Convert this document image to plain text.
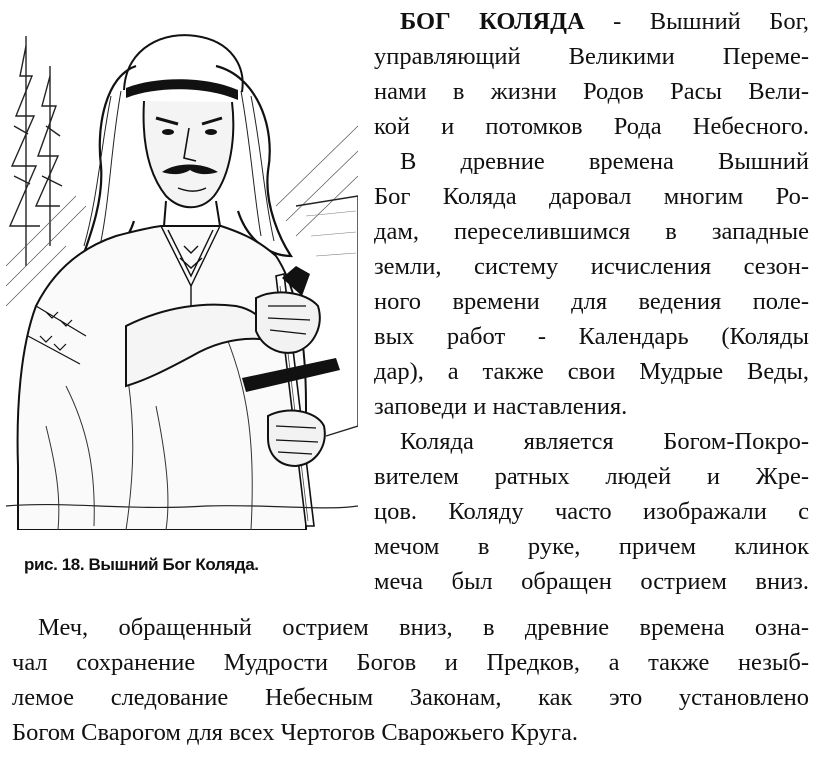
рис. 18. Вышний Бог Коляда.
БОГ КОЛЯДА - Вышний Бог,
управляющий Великими Переме-
нами в жизни Родов Расы Вели-
кой и потомков Рода Небесного.
В древние времена Вышний
Бог Коляда даровал многим Ро-
дам, переселившимся в западные
земли, систему исчисления сезон-
ного времени для ведения поле-
вых работ - Календарь (Коляды
дар), а также свои Мудрые Веды,
заповеди и наставления.
Коляда является Богом-Покро-
вителем ратных людей и Жре-
цов. Коляду часто изображали с
мечом в руке, причем клинок
меча был обращен острием вниз.
Меч, обращенный острием вниз, в древние времена озна-
чал сохранение Мудрости Богов и Предков, а также незыб-
лемое следование Небесным Законам, как это установлено
Богом Сварогом для всех Чертогов Сварожьего Круга.
